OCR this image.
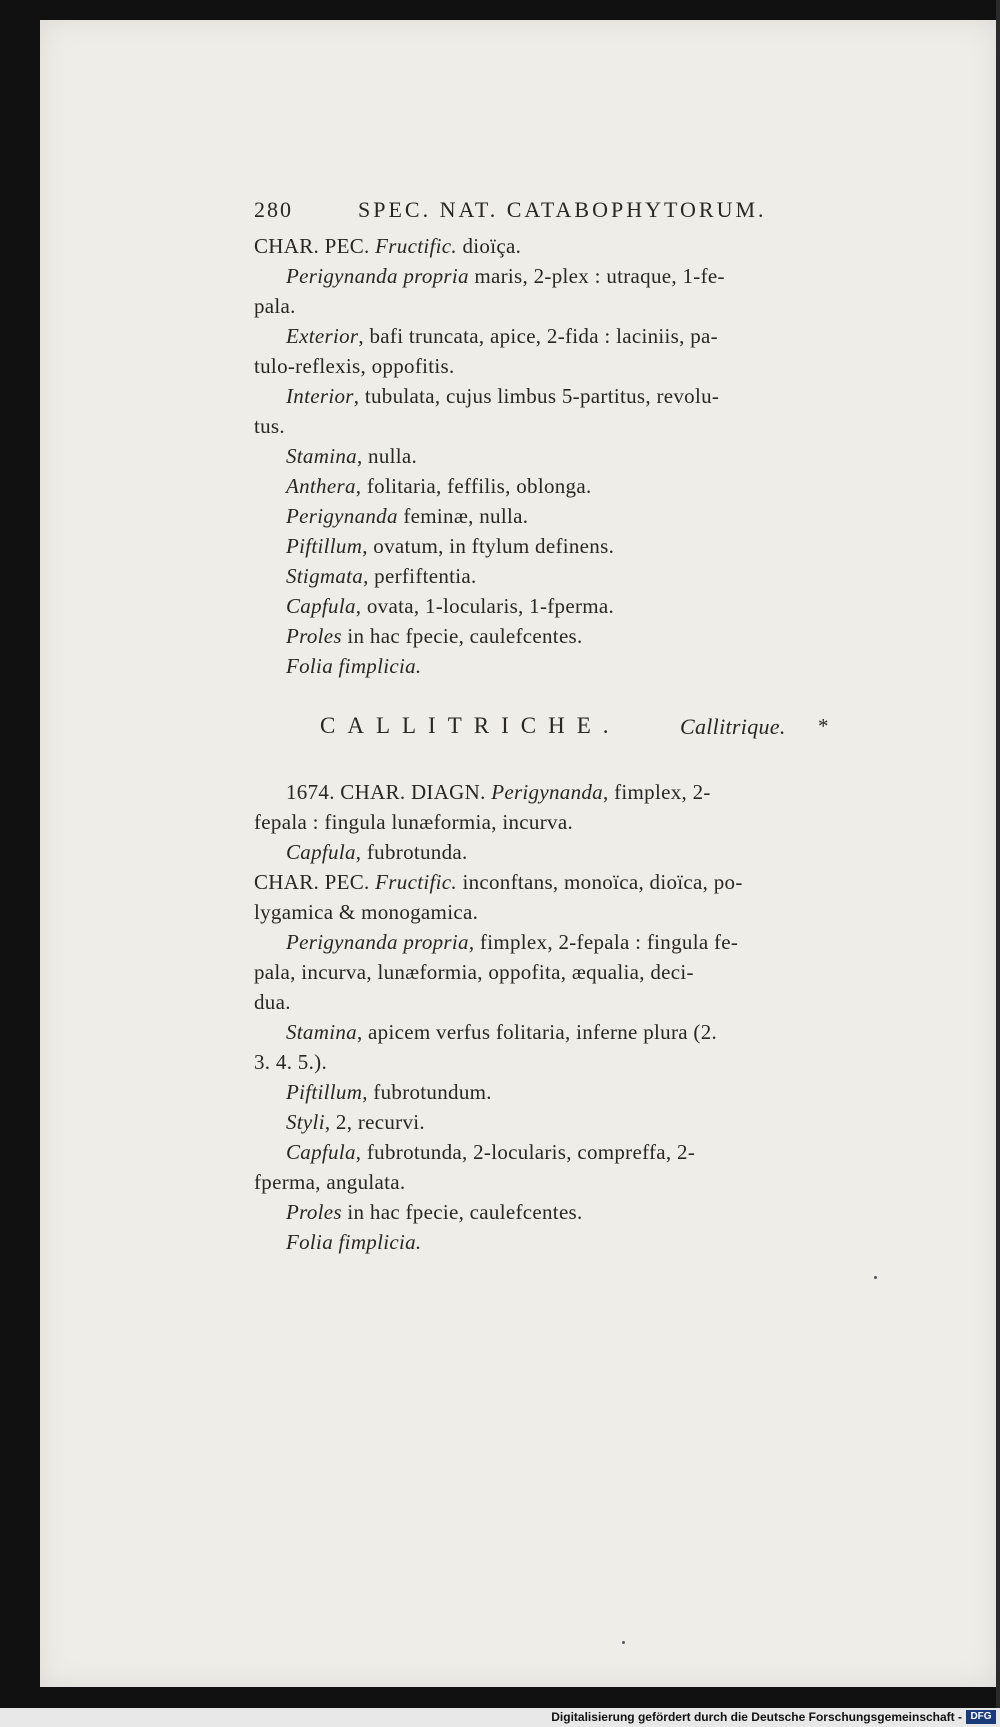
280	SPEC. NAT. CATABOPHYTORUM.
CHAR. PEC. Fructific. dioïça.
Perigynanda propria maris, 2-plex : utraque, 1-fe-
pala.
Exterior, bafi truncata, apice, 2-fida : laciniis, pa-
tulo-reflexis, oppofitis.
Interior, tubulata, cujus limbus 5-partitus, revolu-
tus.
Stamina, nulla.
Anthera, folitaria, feffilis, oblonga.
Perigynanda feminæ, nulla.
Piftillum, ovatum, in ftylum definens.
Stigmata, perfiftentia.
Capfula, ovata, 1-locularis, 1-fperma.
Proles in hac fpecie, caulefcentes.
Folia fimplicia.
CALLITRICHE.	Callitrique. *
1674. CHAR. DIAGN. Perigynanda, fimplex, 2-
fepala : fingula lunæformia, incurva.
Capfula, fubrotunda.
CHAR. PEC. Fructific. inconftans, monoïca, dioïca, po-
lygamica & monogamica.
Perigynanda propria, fimplex, 2-fepala : fingula fe-
pala, incurva, lunæformia, oppofita, æqualia, deci-
dua.
Stamina, apicem verfus folitaria, inferne plura (2.
3. 4. 5.).
Piftillum, fubrotundum.
Styli, 2, recurvi.
Capfula, fubrotunda, 2-locularis, compreffa, 2-
fperma, angulata.
Proles in hac fpecie, caulefcentes.
Folia fimplicia.
Digitalisierung gefördert durch die Deutsche Forschungsgemeinschaft - DFG
